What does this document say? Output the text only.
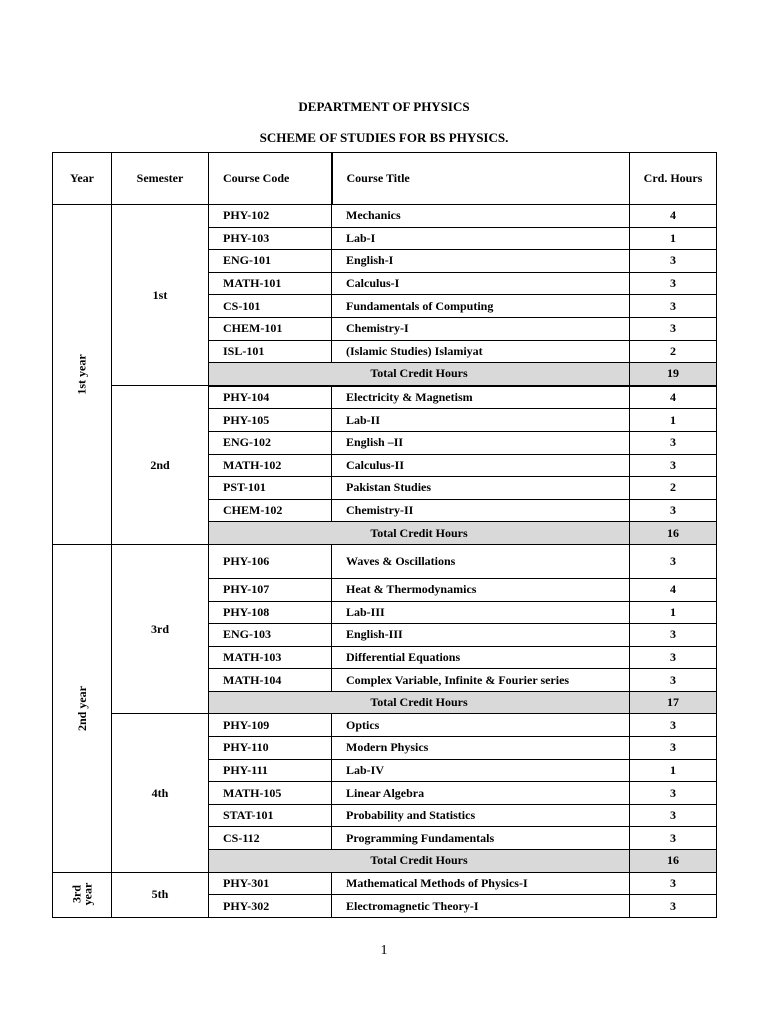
DEPARTMENT OF PHYSICS
SCHEME OF STUDIES FOR BS PHYSICS.
Year	Semester	Course Code	Course Title	Crd. Hours
1st year	1st	PHY-102	Mechanics	4
		PHY-103	Lab-I	1
		ENG-101	English-I	3
		MATH-101	Calculus-I	3
		CS-101	Fundamentals of Computing	3
		CHEM-101	Chemistry-I	3
		ISL-101	(Islamic Studies) Islamiyat	2
		Total Credit Hours		19
	2nd	PHY-104	Electricity & Magnetism	4
		PHY-105	Lab-II	1
		ENG-102	English –II	3
		MATH-102	Calculus-II	3
		PST-101	Pakistan Studies	2
		CHEM-102	Chemistry-II	3
		Total Credit Hours		16
2nd year	3rd	PHY-106	Waves & Oscillations	3
		PHY-107	Heat & Thermodynamics	4
		PHY-108	Lab-III	1
		ENG-103	English-III	3
		MATH-103	Differential Equations	3
		MATH-104	Complex Variable, Infinite & Fourier series	3
		Total Credit Hours		17
	4th	PHY-109	Optics	3
		PHY-110	Modern Physics	3
		PHY-111	Lab-IV	1
		MATH-105	Linear Algebra	3
		STAT-101	Probability and Statistics	3
		CS-112	Programming Fundamentals	3
		Total Credit Hours		16
3rd
year	5th	PHY-301	Mathematical Methods of Physics-I	3
		PHY-302	Electromagnetic Theory-I	3
1
